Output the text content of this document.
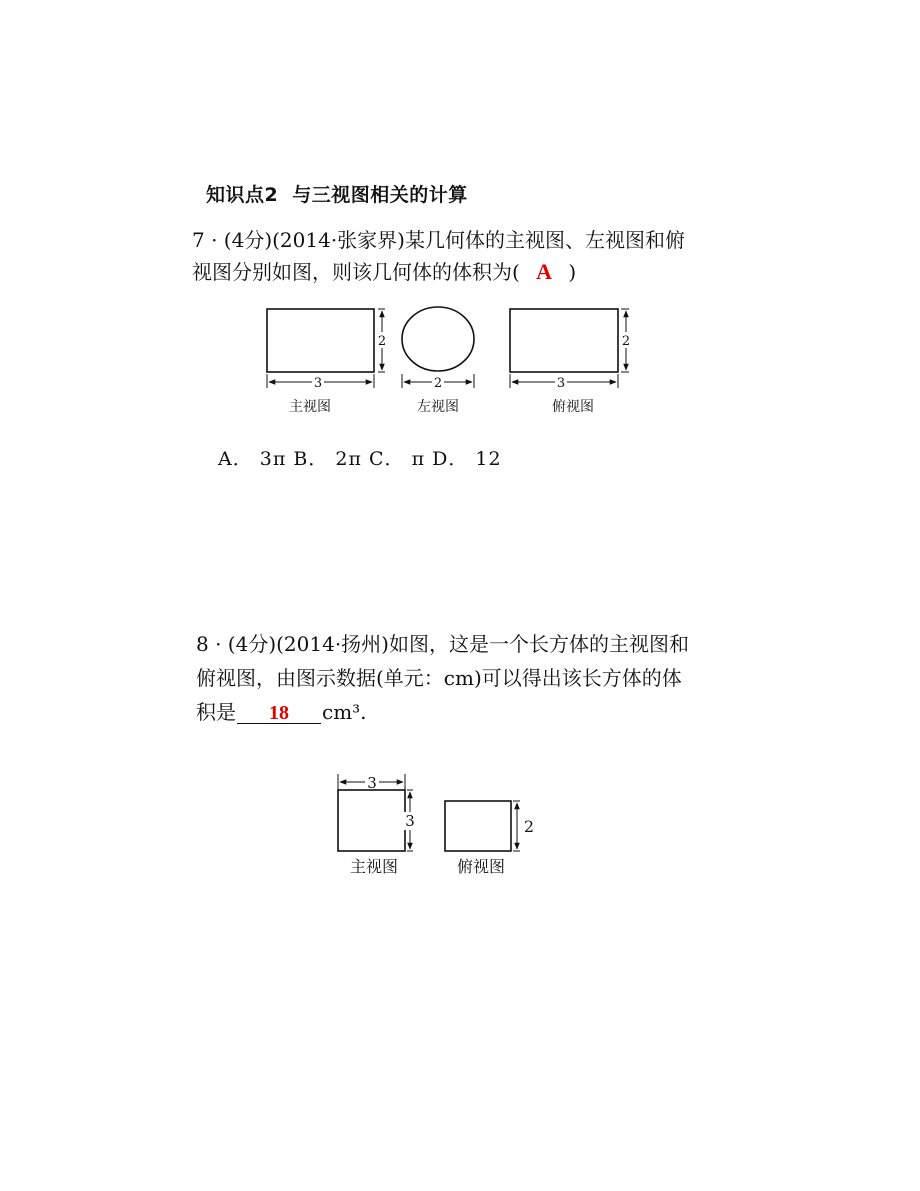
知识点2 与三视图相关的计算
7 · (4分)(2014·张家界)某几何体的主视图、左视图和俯
视图分别如图，则该几何体的体积为( A )
2
3
主视图
2
左视图
2
3
俯视图
A． 3π B． 2π C． π D． 12
8 · (4分)(2014·扬州)如图，这是一个长方体的主视图和
俯视图，由图示数据(单元：cm)可以得出该长方体的体
积是 18 cm³.
3
3
主视图
2
俯视图
